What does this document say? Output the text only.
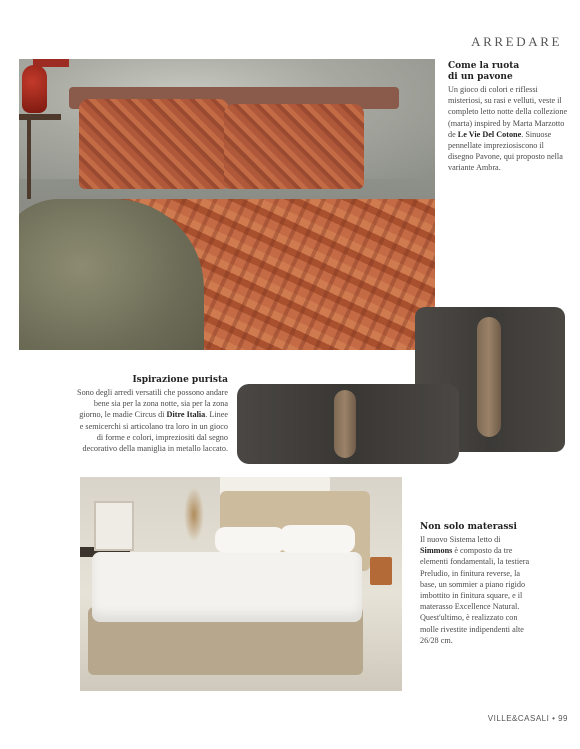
ARREDARE
Come la ruota
di un pavone
Un gioco di colori e riflessi misteriosi, su rasi e velluti, veste il completo letto notte della collezione (marta) inspired by Marta Marzotto de Le Vie Del Cotone. Sinuose pennellate impreziosiscono il disegno Pavone, qui proposto nella variante Ambra.
Ispirazione purista
Sono degli arredi versatili che possono andare bene sia per la zona notte, sia per la zona giorno, le madie Circus di Ditre Italia. Linee e semicerchi si articolano tra loro in un gioco di forme e colori, impreziositi dal segno decorativo della maniglia in metallo laccato.
Non solo materassi
Il nuovo Sistema letto di Simmons è composto da tre elementi fondamentali, la testiera Preludio, in finitura reverse, la base, un sommier a piano rigido imbottito in finitura square, e il materasso Excellence Natural. Quest'ultimo, è realizzato con molle rivestite indipendenti alte 26/28 cm.
VILLE&CASALI • 99
